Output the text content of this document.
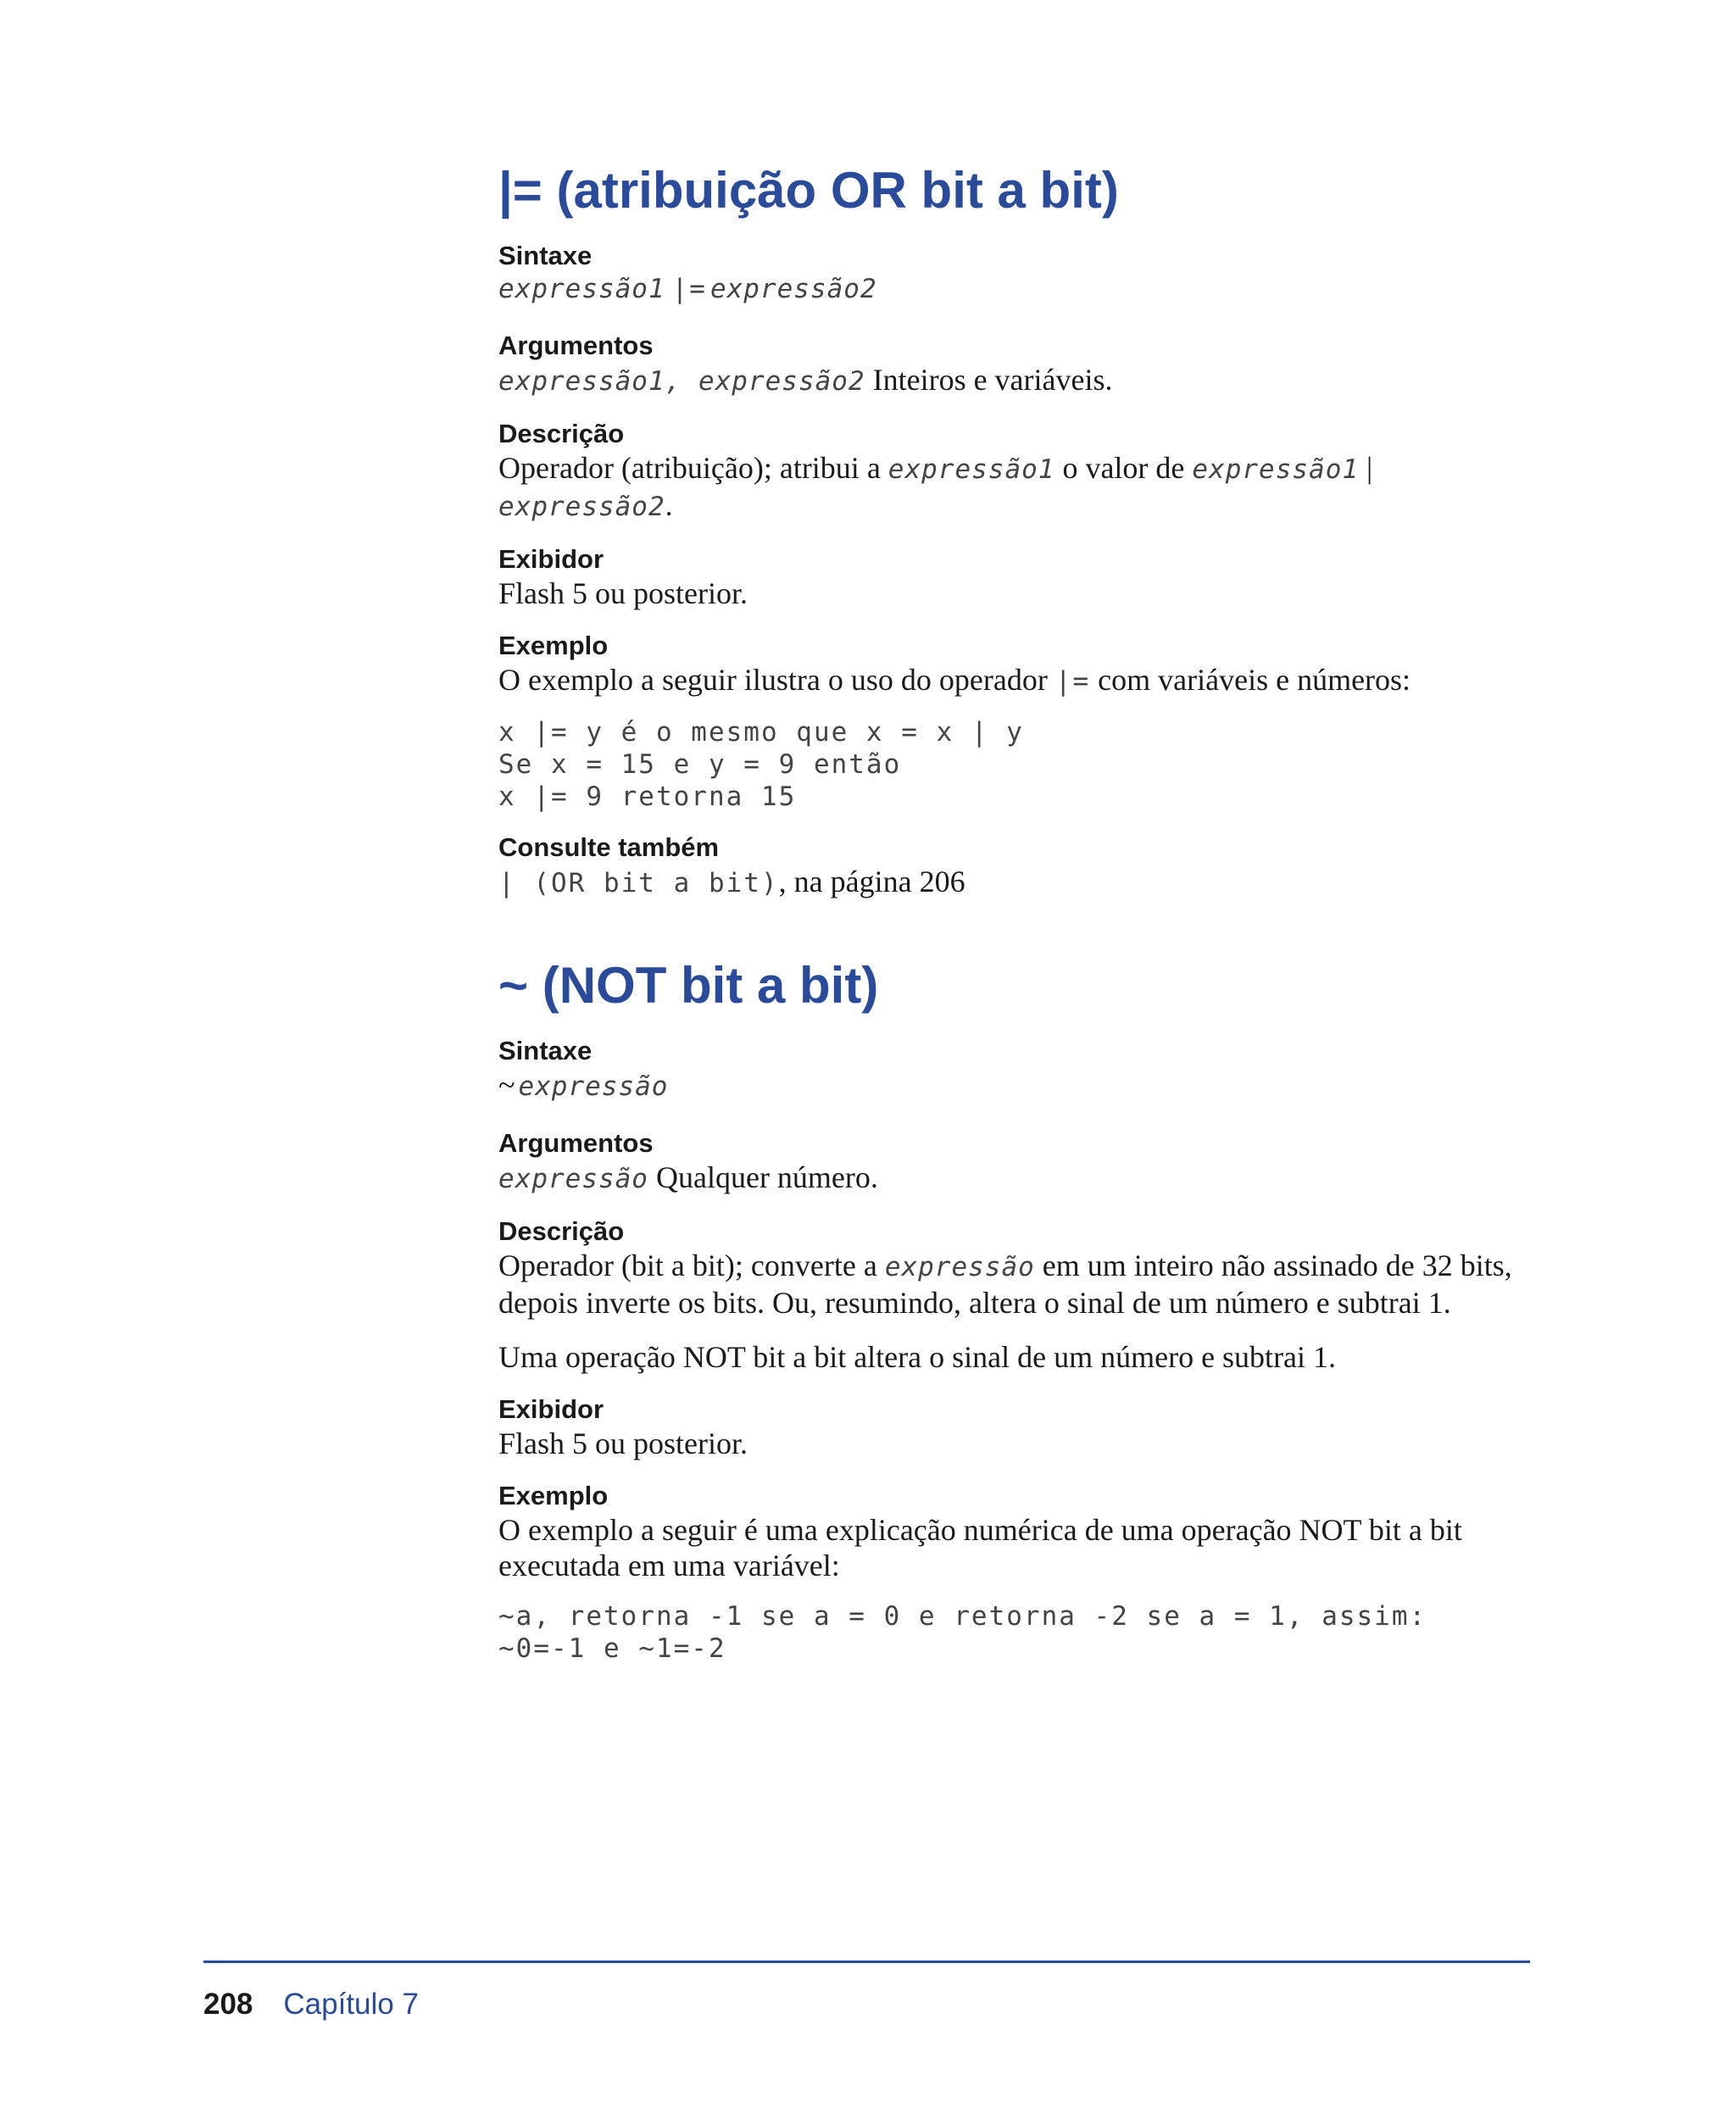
|= (atribuição OR bit a bit)
Sintaxe
expressão1 |= expressão2
Argumentos

expressão1, expressão2 Inteiros e variáveis.

Descrição

Operador (atribuição); atribui a expressão1 o valor de expressão1 | expressão2.

Exibidor

Flash 5 ou posterior.

Exemplo

O exemplo a seguir ilustra o uso do operador |= com variáveis e números:

x |= y é o mesmo que x = x | y
Se x = 15 e y = 9 então
x |= 9 retorna 15
Consulte também

| (OR bit a bit), na página 206

~ (NOT bit a bit)
Sintaxe
~ expressão
Argumentos

expressão Qualquer número.

Descrição

Operador (bit a bit); converte a expressão em um inteiro não assinado de 32 bits, depois inverte os bits. Ou, resumindo, altera o sinal de um número e subtrai 1.

Uma operação NOT bit a bit altera o sinal de um número e subtrai 1.

Exibidor

Flash 5 ou posterior.

Exemplo

O exemplo a seguir é uma explicação numérica de uma operação NOT bit a bit executada em uma variável:

~a, retorna -1 se a = 0 e retorna -2 se a = 1, assim:
~0=-1 e ~1=-2
208 Capítulo 7
